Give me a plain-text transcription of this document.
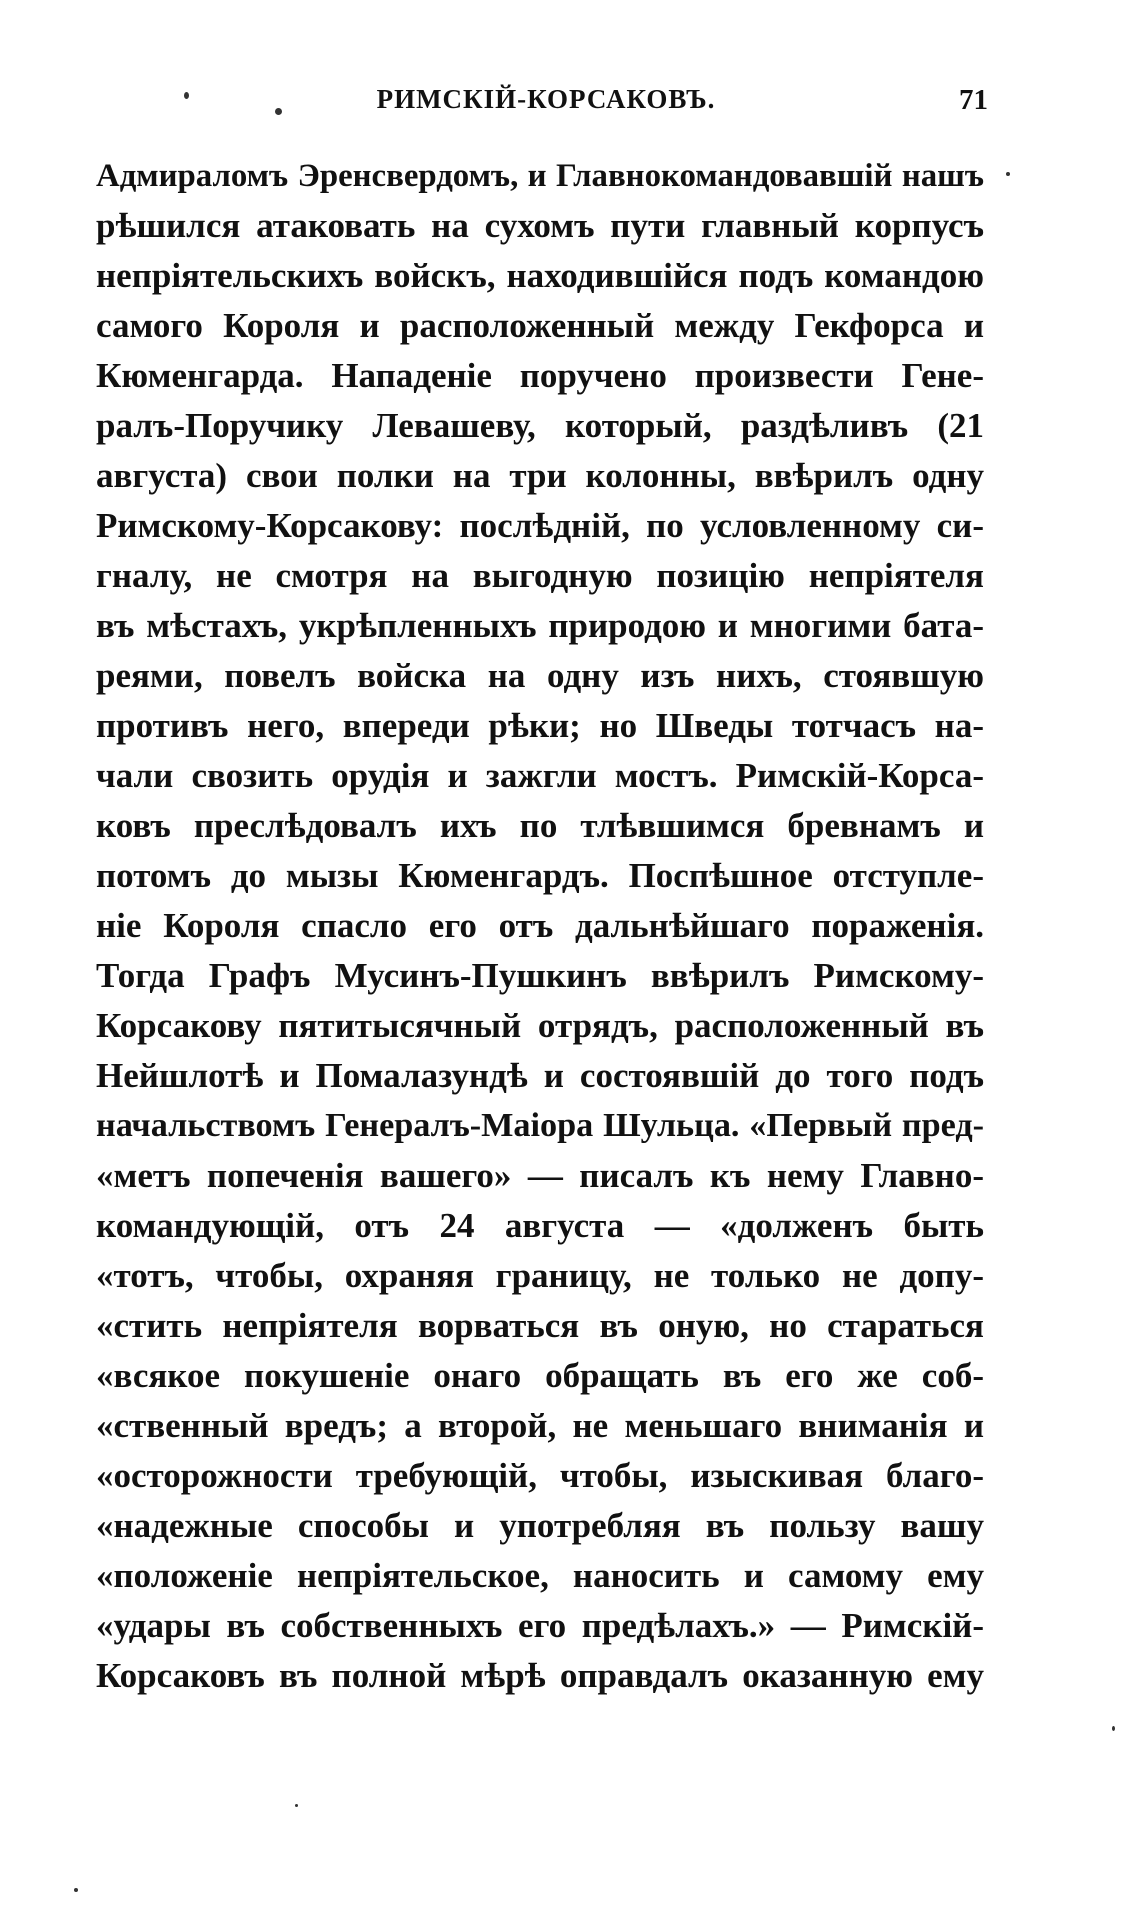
РИМСКІЙ-КОРСАКОВЪ.	71
Адмираломъ Эренсвердомъ, и Главнокомандовавшій нашъ
рѣшился атаковать на сухомъ пути главный корпусъ
непріятельскихъ войскъ, находившійся подъ командою
самого Короля и расположенный между Гекфорса и
Кюменгарда. Нападеніе поручено произвести Гене-
ралъ-Поручику Левашеву, который, раздѣливъ (21
августа) свои полки на три колонны, ввѣрилъ одну
Римскому-Корсакову: послѣдній, по условленному си-
гналу, не смотря на выгодную позицію непріятеля
въ мѣстахъ, укрѣпленныхъ природою и многими бата-
реями, повелъ войска на одну изъ нихъ, стоявшую
противъ него, впереди рѣки; но Шведы тотчасъ на-
чали свозить орудія и зажгли мостъ. Римскій-Корса-
ковъ преслѣдовалъ ихъ по тлѣвшимся бревнамъ и
потомъ до мызы Кюменгардъ. Поспѣшное отступле-
ніе Короля спасло его отъ дальнѣйшаго пораженія.
Тогда Графъ Мусинъ-Пушкинъ ввѣрилъ Римскому-
Корсакову пятитысячный отрядъ, расположенный въ
Нейшлотѣ и Помалазундѣ и состоявшій до того подъ
начальствомъ Генералъ-Маіора Шульца. «Первый пред-
«метъ попеченія вашего» — писалъ къ нему Главно-
командующій, отъ 24 августа — «долженъ быть
«тотъ, чтобы, охраняя границу, не только не допу-
«стить непріятеля ворваться въ оную, но стараться
«всякое покушеніе онаго обращать въ его же соб-
«ственный вредъ; а второй, не меньшаго вниманія и
«осторожности требующій, чтобы, изыскивая благо-
«надежные способы и употребляя въ пользу вашу
«положеніе непріятельское, наносить и самому ему
«удары въ собственныхъ его предѣлахъ.» — Римскій-
Корсаковъ въ полной мѣрѣ оправдалъ оказанную ему
